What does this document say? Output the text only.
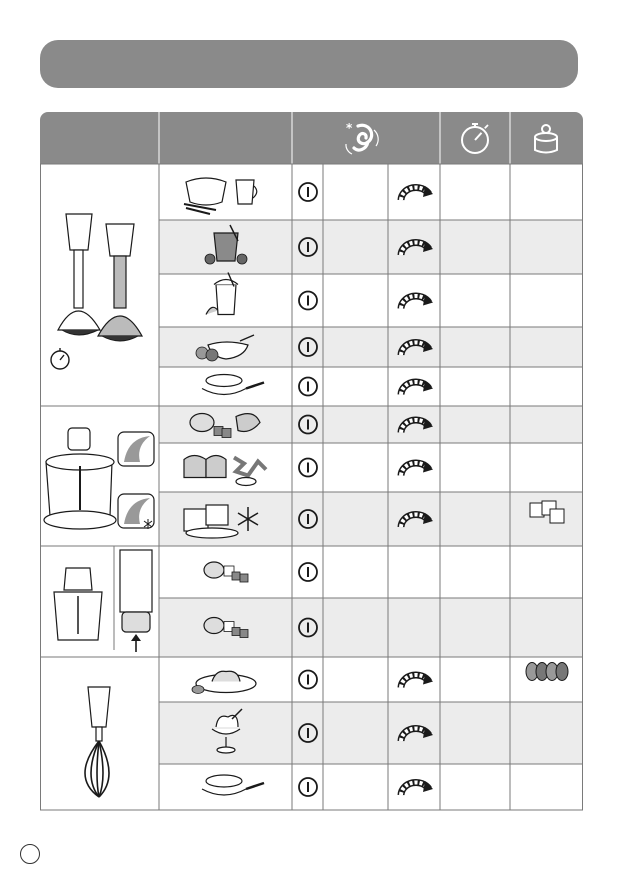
*
